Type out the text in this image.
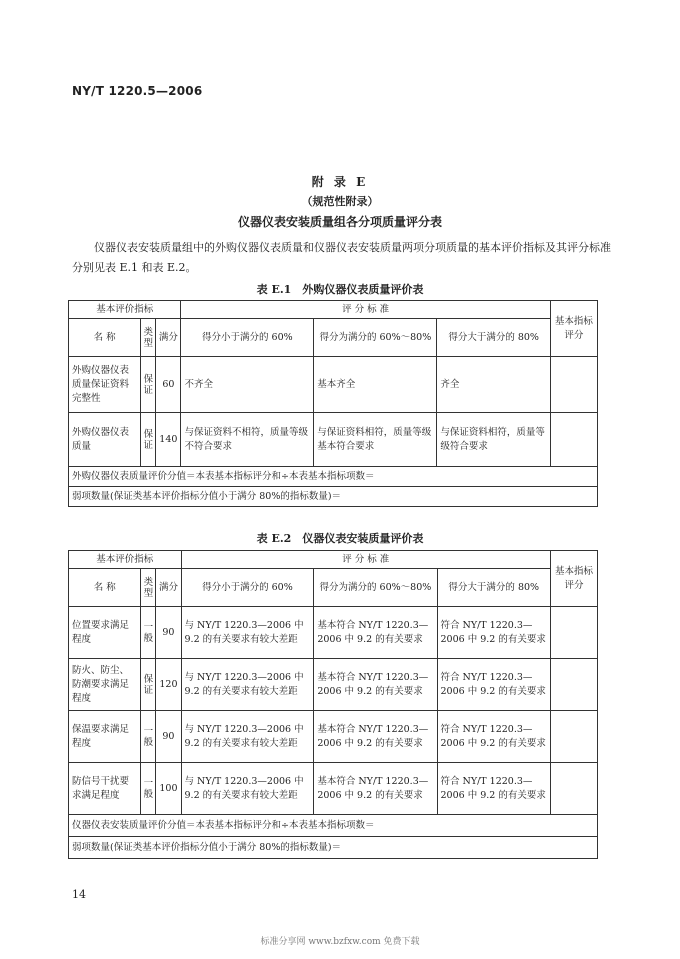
NY/T 1220.5—2006
附 录 E
（规范性附录）
仪器仪表安装质量组各分项质量评分表
仪器仪表安装质量组中的外购仪器仪表质量和仪器仪表安装质量两项分项质量的基本评价指标及其评分标准分别见表 E.1 和表 E.2。
表 E.1　外购仪器仪表质量评价表
基本评价指标			评 分 标 准			基本指标评分
名 称	类型	满分	得分小于满分的 60%	得分为满分的 60%～80%	得分大于满分的 80%	
外购仪器仪表质量保证资料完整性	保证	60	不齐全	基本齐全	齐全	
外购仪器仪表质量	保证	140	与保证资料不相符，质量等级不符合要求	与保证资料相符，质量等级基本符合要求	与保证资料相符，质量等级符合要求	
外购仪器仪表质量评价分值＝本表基本指标评分和÷本表基本指标项数＝						
弱项数量(保证类基本评价指标分值小于满分 80%的指标数量)＝						
表 E.2　仪器仪表安装质量评价表
基本评价指标			评 分 标 准			基本指标评分
名 称	类型	满分	得分小于满分的 60%	得分为满分的 60%～80%	得分大于满分的 80%	
位置要求满足程度	一般	90	与 NY/T 1220.3—2006 中 9.2 的有关要求有较大差距	基本符合 NY/T 1220.3—2006 中 9.2 的有关要求	符合 NY/T 1220.3—2006 中 9.2 的有关要求	
防火、防尘、防潮要求满足程度	保证	120	与 NY/T 1220.3—2006 中 9.2 的有关要求有较大差距	基本符合 NY/T 1220.3—2006 中 9.2 的有关要求	符合 NY/T 1220.3—2006 中 9.2 的有关要求	
保温要求满足程度	一般	90	与 NY/T 1220.3—2006 中 9.2 的有关要求有较大差距	基本符合 NY/T 1220.3—2006 中 9.2 的有关要求	符合 NY/T 1220.3—2006 中 9.2 的有关要求	
防信号干扰要求满足程度	一般	100	与 NY/T 1220.3—2006 中 9.2 的有关要求有较大差距	基本符合 NY/T 1220.3—2006 中 9.2 的有关要求	符合 NY/T 1220.3—2006 中 9.2 的有关要求	
仪器仪表安装质量评价分值＝本表基本指标评分和÷本表基本指标项数＝						
弱项数量(保证类基本评价指标分值小于满分 80%的指标数量)＝						
14
标准分享网 www.bzfxw.com 免费下载
